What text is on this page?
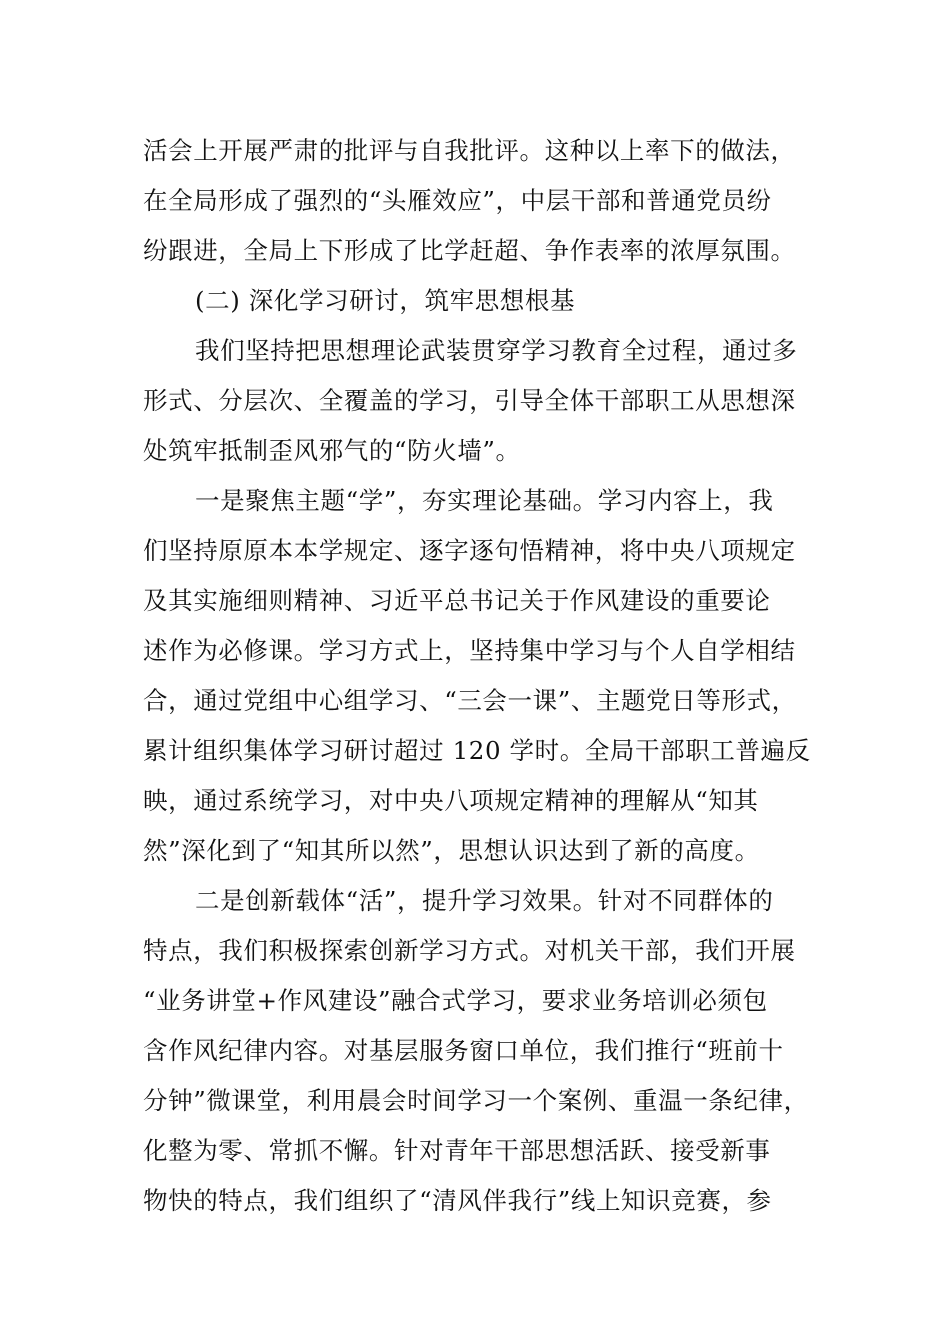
活会上开展严肃的批评与自我批评。这种以上率下的做法，
在全局形成了强烈的“头雁效应”，中层干部和普通党员纷
纷跟进，全局上下形成了比学赶超、争作表率的浓厚氛围。
(二) 深化学习研讨，筑牢思想根基
我们坚持把思想理论武装贯穿学习教育全过程，通过多
形式、分层次、全覆盖的学习，引导全体干部职工从思想深
处筑牢抵制歪风邪气的“防火墙”。
一是聚焦主题“学”，夯实理论基础。学习内容上，我
们坚持原原本本学规定、逐字逐句悟精神，将中央八项规定
及其实施细则精神、习近平总书记关于作风建设的重要论
述作为必修课。学习方式上，坚持集中学习与个人自学相结
合，通过党组中心组学习、“三会一课”、主题党日等形式，
累计组织集体学习研讨超过 120 学时。全局干部职工普遍反
映，通过系统学习，对中央八项规定精神的理解从“知其
然”深化到了“知其所以然”，思想认识达到了新的高度。
二是创新载体“活”，提升学习效果。针对不同群体的
特点，我们积极探索创新学习方式。对机关干部，我们开展
“业务讲堂+作风建设”融合式学习，要求业务培训必须包
含作风纪律内容。对基层服务窗口单位，我们推行“班前十
分钟”微课堂，利用晨会时间学习一个案例、重温一条纪律，
化整为零、常抓不懈。针对青年干部思想活跃、接受新事
物快的特点，我们组织了“清风伴我行”线上知识竞赛，参
